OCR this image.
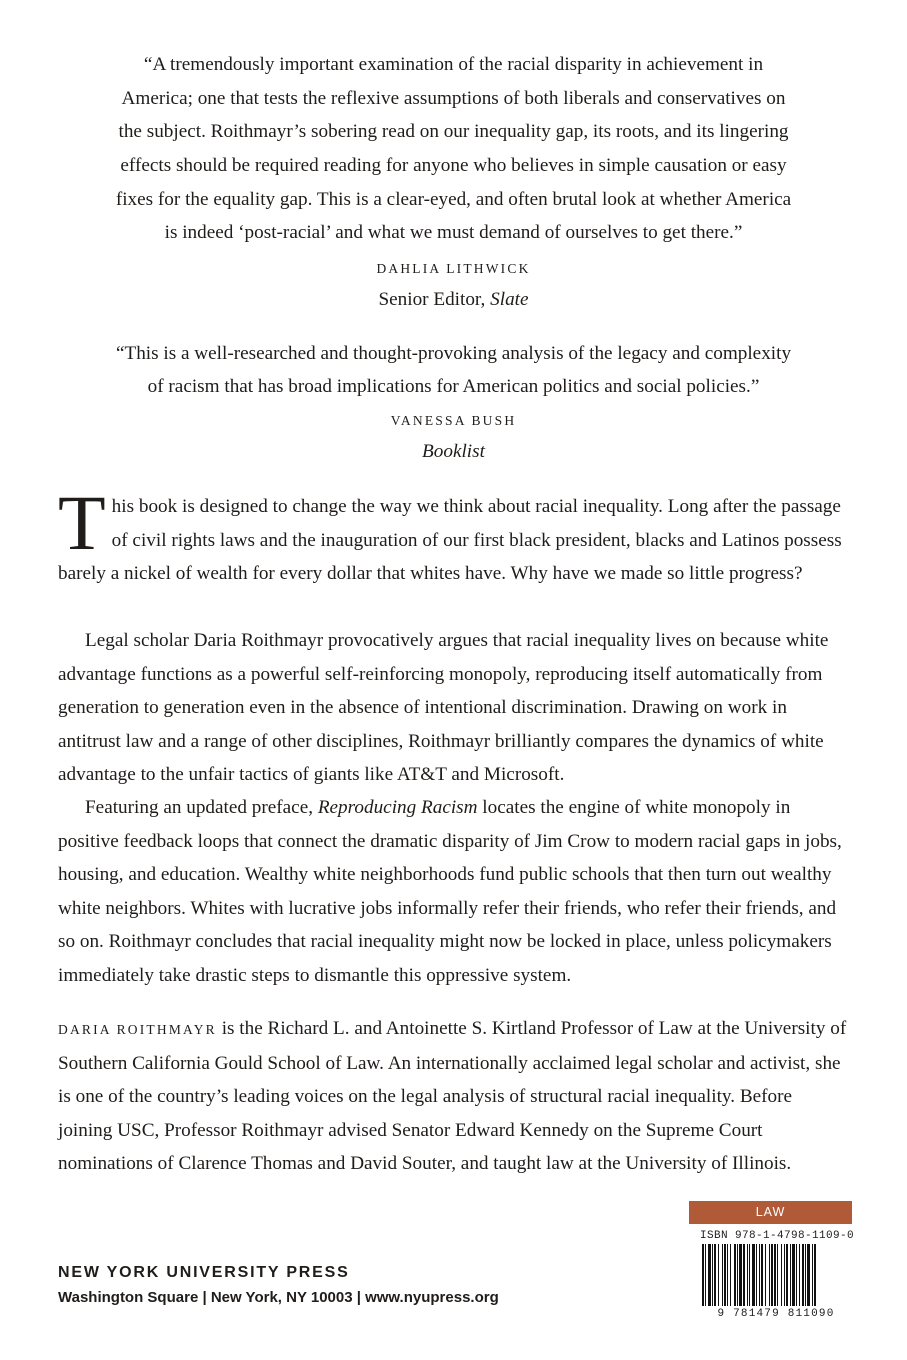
“A tremendously important examination of the racial disparity in achievement in

America; one that tests the reflexive assumptions of both liberals and conservatives on

the subject. Roithmayr’s sobering read on our inequality gap, its roots, and its lingering

effects should be required reading for anyone who believes in simple causation or easy

fixes for the equality gap. This is a clear-eyed, and often brutal look at whether America

is indeed ‘post-racial’ and what we must demand of ourselves to get there.”

DAHLIA LITHWICK

Senior Editor, Slate

“This is a well-researched and thought-provoking analysis of the legacy and complexity

of racism that has broad implications for American politics and social policies.”

VANESSA BUSH

Booklist

This book is designed to change the way we think about racial inequality. Long after the passage of civil rights laws and the inauguration of our first black president, blacks and Latinos possess barely a nickel of wealth for every dollar that whites have. Why have we made so little progress?

Legal scholar Daria Roithmayr provocatively argues that racial inequality lives on because white advantage functions as a powerful self-reinforcing monopoly, reproducing itself automatically from generation to generation even in the absence of intentional discrimination. Drawing on work in antitrust law and a range of other disciplines, Roithmayr brilliantly compares the dynamics of white advantage to the unfair tactics of giants like AT&T and Microsoft.

Featuring an updated preface, Reproducing Racism locates the engine of white monopoly in positive feedback loops that connect the dramatic disparity of Jim Crow to modern racial gaps in jobs, housing, and education. Wealthy white neighborhoods fund public schools that then turn out wealthy white neighbors. Whites with lucrative jobs informally refer their friends, who refer their friends, and so on. Roithmayr concludes that racial inequality might now be locked in place, unless policymakers immediately take drastic steps to dismantle this oppressive system.

DARIA ROITHMAYR is the Richard L. and Antoinette S. Kirtland Professor of Law at the University of Southern California Gould School of Law. An internationally acclaimed legal scholar and activist, she is one of the country’s leading voices on the legal analysis of structural racial inequality. Before joining USC, Professor Roithmayr advised Senator Edward Kennedy on the Supreme Court nominations of Clarence Thomas and David Souter, and taught law at the University of Illinois.

NEW YORK UNIVERSITY PRESS

Washington Square | New York, NY 10003 | www.nyupress.org

LAW
ISBN 978-1-4798-1109-0
9 781479 811090
